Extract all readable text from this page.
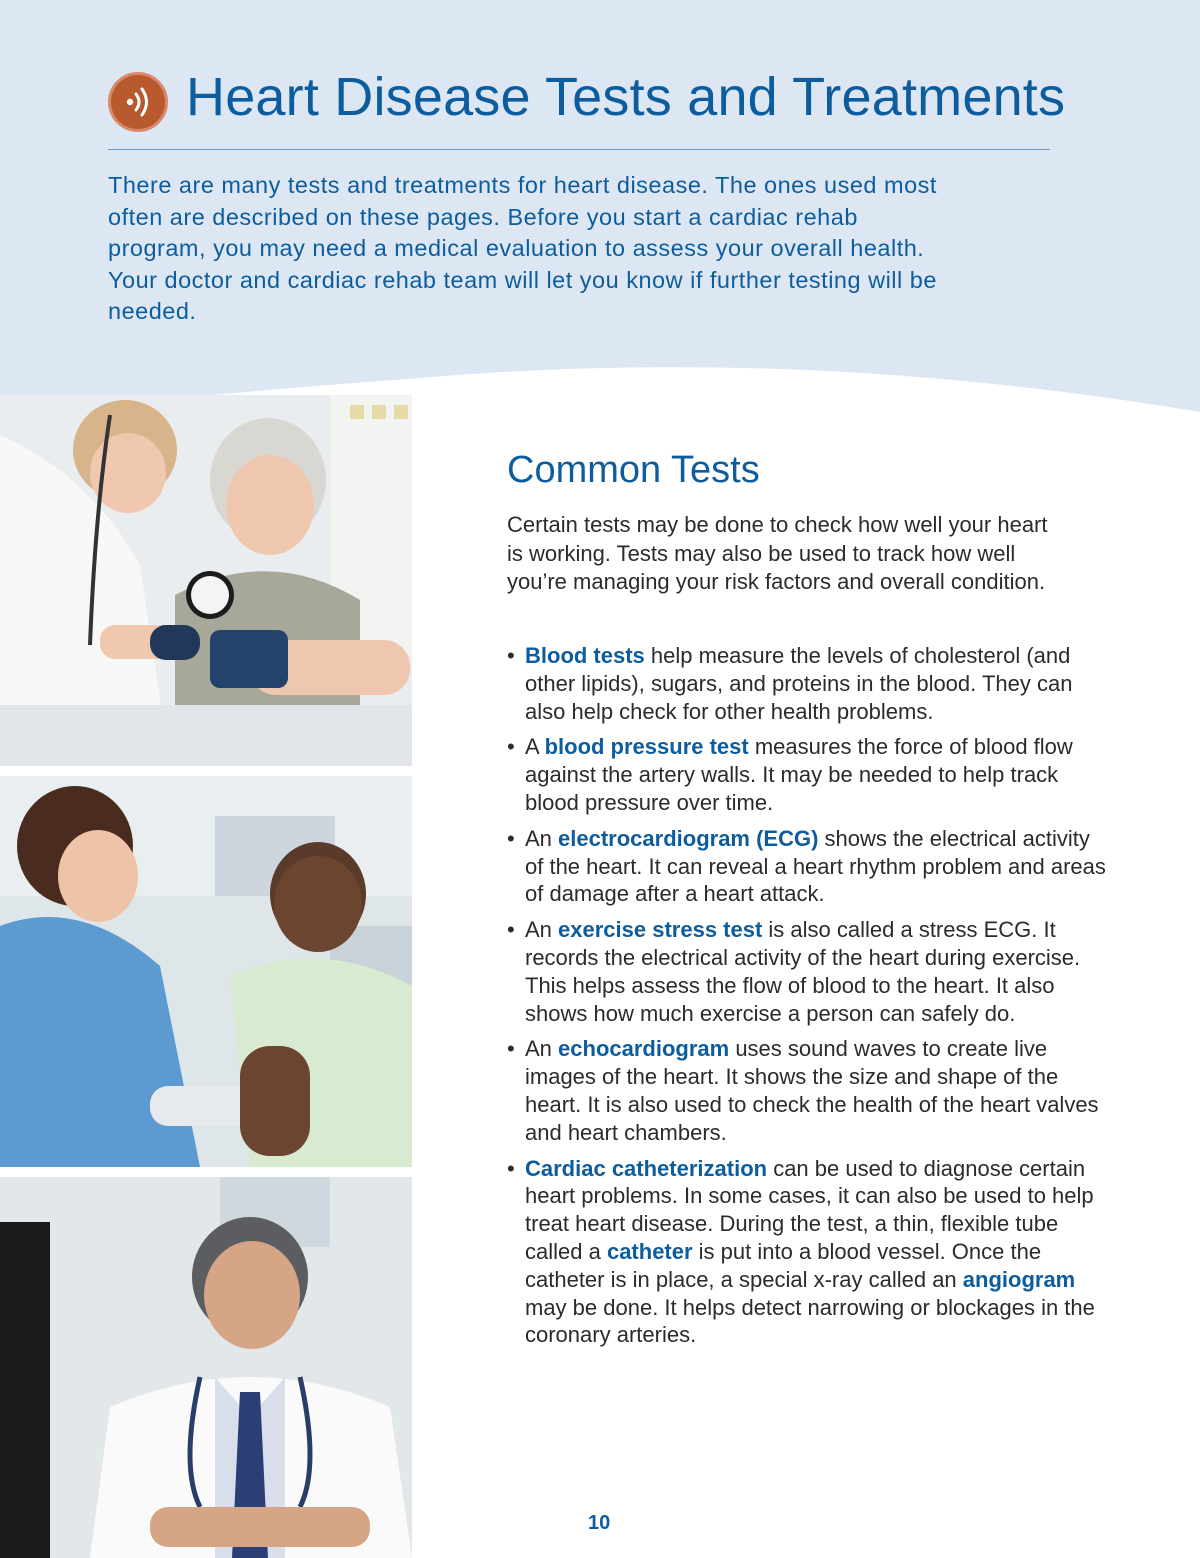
Heart Disease Tests and Treatments

There are many tests and treatments for heart disease. The ones used most often are described on these pages. Before you start a cardiac rehab program, you may need a medical evaluation to assess your overall health. Your doctor and cardiac rehab team will let you know if further testing will be needed.

Common Tests

Certain tests may be done to check how well your heart is working. Tests may also be used to track how well you’re managing your risk factors and overall condition.

• Blood tests help measure the levels of cholesterol (and other lipids), sugars, and proteins in the blood. They can also help check for other health problems.
• A blood pressure test measures the force of blood flow against the artery walls. It may be needed to help track blood pressure over time.
• An electrocardiogram (ECG) shows the electrical activity of the heart. It can reveal a heart rhythm problem and areas of damage after a heart attack.
• An exercise stress test is also called a stress ECG. It records the electrical activity of the heart during exercise. This helps assess the flow of blood to the heart. It also shows how much exercise a person can safely do.
• An echocardiogram uses sound waves to create live images of the heart. It shows the size and shape of the heart. It is also used to check the health of the heart valves and heart chambers.
• Cardiac catheterization can be used to diagnose certain heart problems. In some cases, it can also be used to help treat heart disease. During the test, a thin, flexible tube called a catheter is put into a blood vessel. Once the catheter is in place, a special x-ray called an angiogram may be done. It helps detect narrowing or blockages in the coronary arteries.
10
